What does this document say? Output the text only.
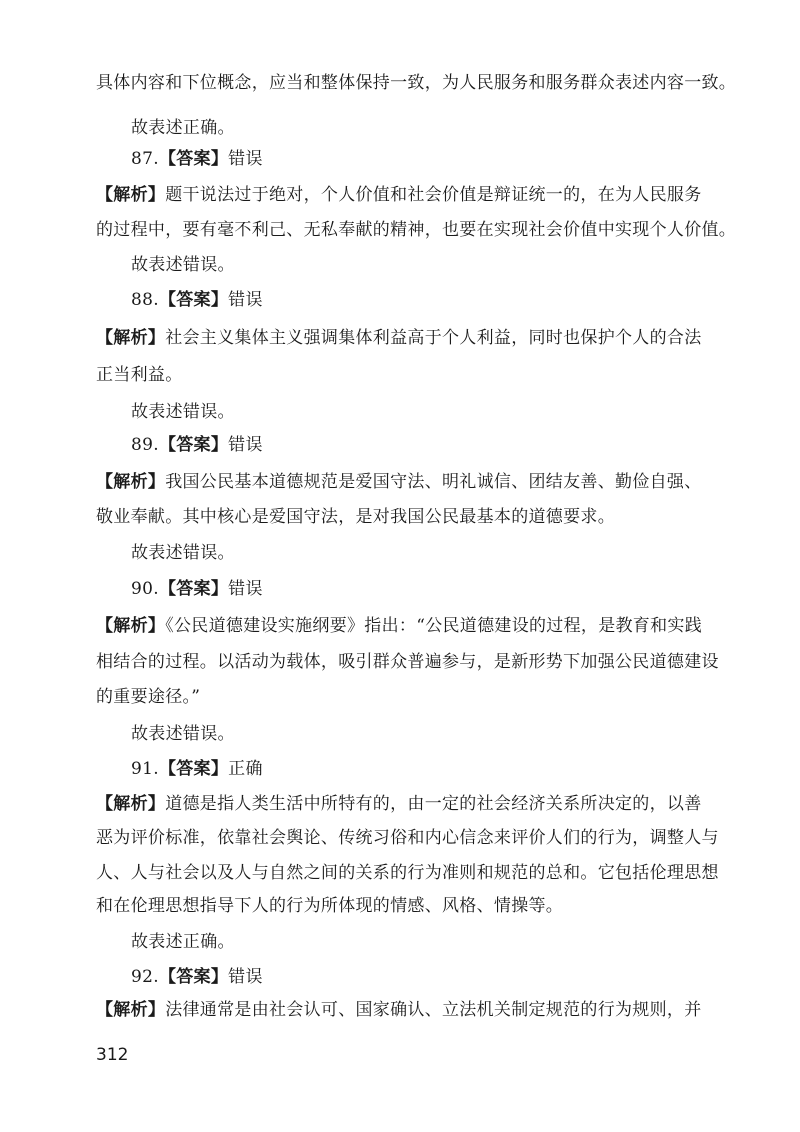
具体内容和下位概念，应当和整体保持一致，为人民服务和服务群众表述内容一致。
故表述正确。
87.【答案】错误
【解析】题干说法过于绝对，个人价值和社会价值是辩证统一的，在为人民服务
的过程中，要有毫不利己、无私奉献的精神，也要在实现社会价值中实现个人价值。
故表述错误。
88.【答案】错误
【解析】社会主义集体主义强调集体利益高于个人利益，同时也保护个人的合法
正当利益。
故表述错误。
89.【答案】错误
【解析】我国公民基本道德规范是爱国守法、明礼诚信、团结友善、勤俭自强、
敬业奉献。其中核心是爱国守法，是对我国公民最基本的道德要求。
故表述错误。
90.【答案】错误
【解析】《公民道德建设实施纲要》指出：“公民道德建设的过程，是教育和实践
相结合的过程。以活动为载体，吸引群众普遍参与，是新形势下加强公民道德建设
的重要途径。”
故表述错误。
91.【答案】正确
【解析】道德是指人类生活中所特有的，由一定的社会经济关系所决定的，以善
恶为评价标准，依靠社会舆论、传统习俗和内心信念来评价人们的行为，调整人与
人、人与社会以及人与自然之间的关系的行为准则和规范的总和。它包括伦理思想
和在伦理思想指导下人的行为所体现的情感、风格、情操等。
故表述正确。
92.【答案】错误
【解析】法律通常是由社会认可、国家确认、立法机关制定规范的行为规则，并
312
